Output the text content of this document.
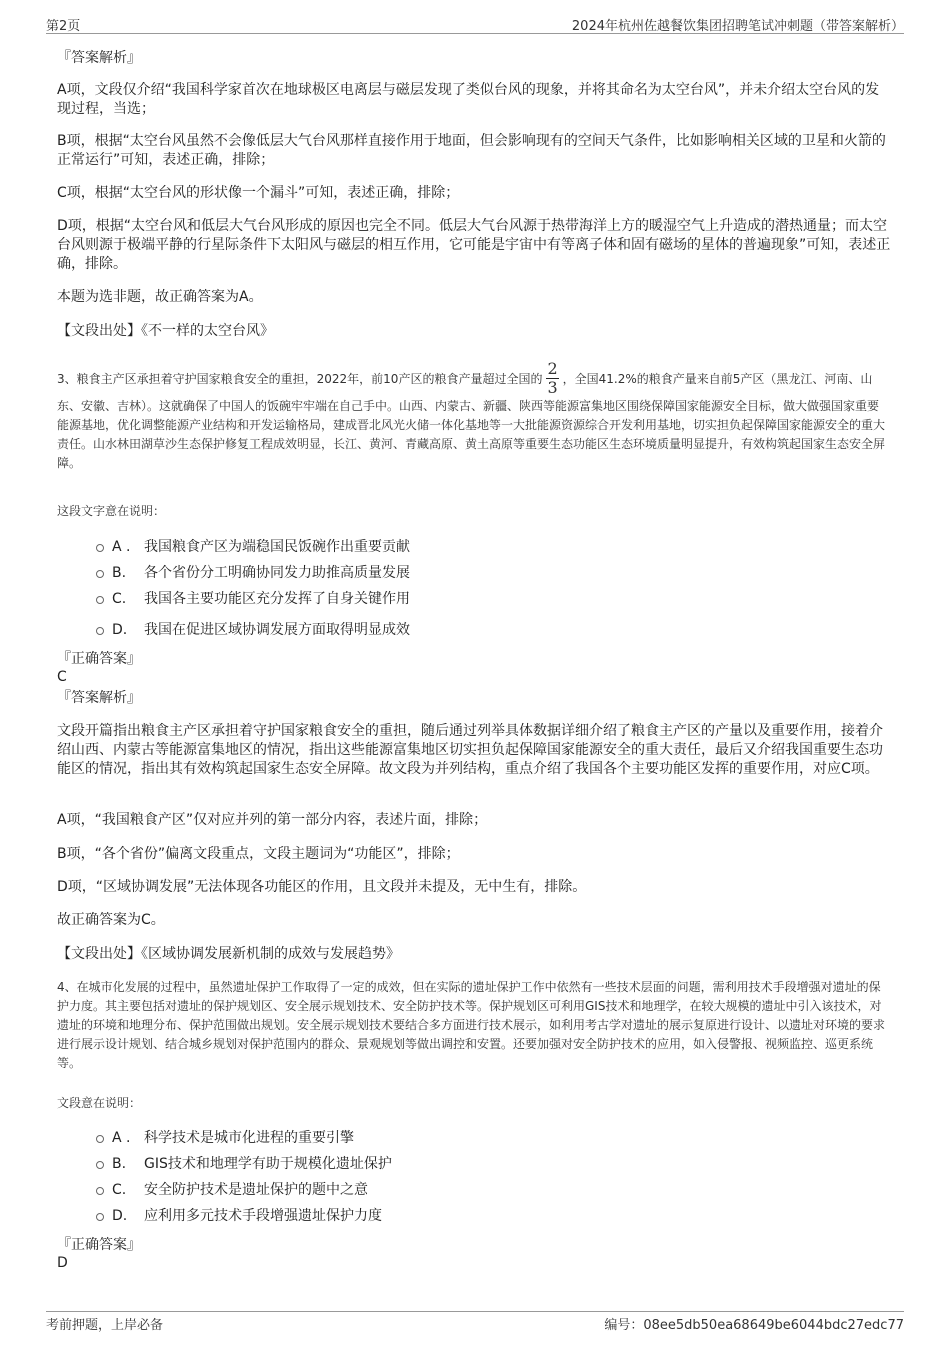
第2页	2024年杭州佐越餐饮集团招聘笔试冲刺题（带答案解析）
『答案解析』
A项，文段仅介绍“我国科学家首次在地球极区电离层与磁层发现了类似台风的现象，并将其命名为太空台风”，并未介绍太空台风的发现过程，当选；
B项，根据“太空台风虽然不会像低层大气台风那样直接作用于地面，但会影响现有的空间天气条件，比如影响相关区域的卫星和火箭的正常运行”可知，表述正确，排除；
C项，根据“太空台风的形状像一个漏斗”可知，表述正确，排除；
D项，根据“太空台风和低层大气台风形成的原因也完全不同。低层大气台风源于热带海洋上方的暖湿空气上升造成的潜热通量；而太空台风则源于极端平静的行星际条件下太阳风与磁层的相互作用，它可能是宇宙中有等离子体和固有磁场的星体的普遍现象”可知，表述正确，排除。
本题为选非题，故正确答案为A。
【文段出处】《不一样的太空台风》
3、粮食主产区承担着守护国家粮食安全的重担，2022年，前10产区的粮食产量超过全国的 $\frac{2}{3}$ ，全国41.2%的粮食产量来自前5产区（黑龙江、河南、山东、安徽、吉林）。这就确保了中国人的饭碗牢牢端在自己手中。山西、内蒙古、新疆、陕西等能源富集地区围绕保障国家能源安全目标，做大做强国家重要能源基地，优化调整能源产业结构和开发运输格局，建成晋北风光火储一体化基地等一大批能源资源综合开发利用基地，切实担负起保障国家能源安全的重大责任。山水林田湖草沙生态保护修复工程成效明显，长江、黄河、青藏高原、黄土高原等重要生态功能区生态环境质量明显提升，有效构筑起国家生态安全屏障。
这段文字意在说明：
A . 我国粮食产区为端稳国民饭碗作出重要贡献
B. 各个省份分工明确协同发力助推高质量发展
C. 我国各主要功能区充分发挥了自身关键作用
D. 我国在促进区域协调发展方面取得明显成效
『正确答案』
C
『答案解析』
文段开篇指出粮食主产区承担着守护国家粮食安全的重担，随后通过列举具体数据详细介绍了粮食主产区的产量以及重要作用，接着介绍山西、内蒙古等能源富集地区的情况，指出这些能源富集地区切实担负起保障国家能源安全的重大责任，最后又介绍我国重要生态功能区的情况，指出其有效构筑起国家生态安全屏障。故文段为并列结构，重点介绍了我国各个主要功能区发挥的重要作用，对应C项。
A项，“我国粮食产区”仅对应并列的第一部分内容，表述片面，排除；
B项，“各个省份”偏离文段重点，文段主题词为“功能区”，排除；
D项，“区域协调发展”无法体现各功能区的作用，且文段并未提及，无中生有，排除。
故正确答案为C。
【文段出处】《区域协调发展新机制的成效与发展趋势》
4、在城市化发展的过程中，虽然遗址保护工作取得了一定的成效，但在实际的遗址保护工作中依然有一些技术层面的问题，需利用技术手段增强对遗址的保护力度。其主要包括对遗址的保护规划区、安全展示规划技术、安全防护技术等。保护规划区可利用GIS技术和地理学，在较大规模的遗址中引入该技术，对遗址的环境和地理分布、保护范围做出规划。安全展示规划技术要结合多方面进行技术展示，如利用考古学对遗址的展示复原进行设计、以遗址对环境的要求进行展示设计规划、结合城乡规划对保护范围内的群众、景观规划等做出调控和安置。还要加强对安全防护技术的应用，如入侵警报、视频监控、巡更系统等。
文段意在说明：
A . 科学技术是城市化进程的重要引擎
B. GIS技术和地理学有助于规模化遗址保护
C. 安全防护技术是遗址保护的题中之意
D. 应利用多元技术手段增强遗址保护力度
『正确答案』
D
考前押题，上岸必备	编号：08ee5db50ea68649be6044bdc27edc77
